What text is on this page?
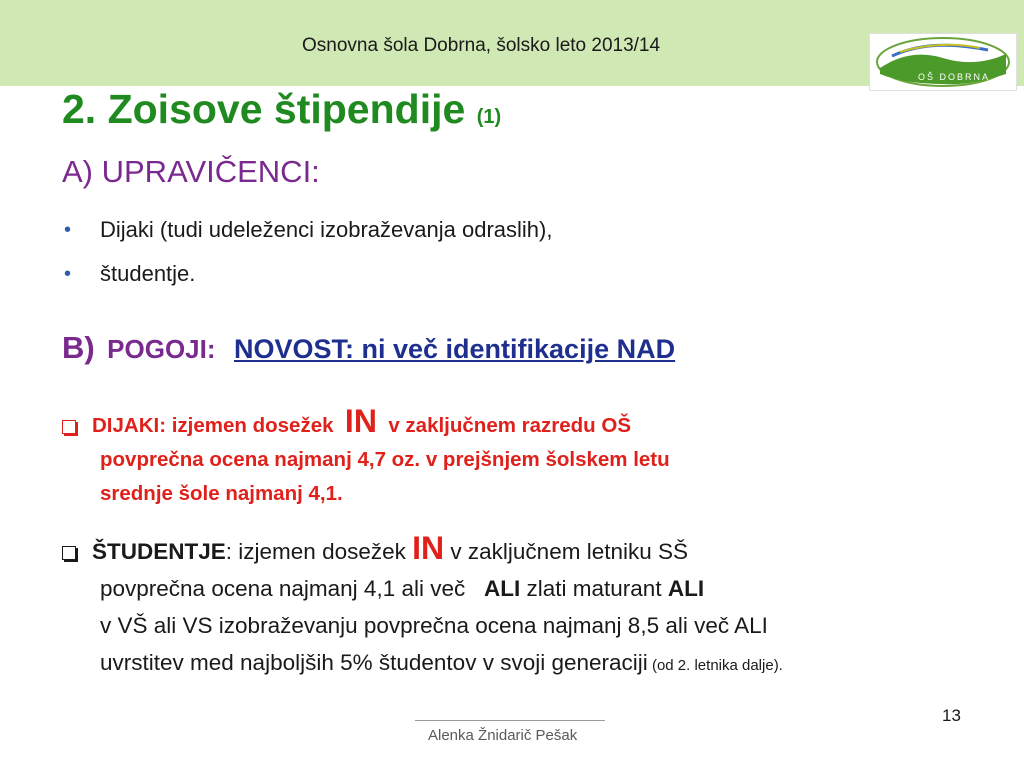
Osnovna šola Dobrna, šolsko leto 2013/14
OŠ DOBRNA
2. Zoisove štipendije (1)
A) UPRAVIČENCI:
•	Dijaki (tudi udeleženci izobraževanja odraslih),
•	študentje.
B) POGOJI: NOVOST: ni več identifikacije NAD
DIJAKI: izjemen dosežek IN v zaključnem razredu OŠ
povprečna ocena najmanj 4,7 oz. v prejšnjem šolskem letu
srednje šole najmanj 4,1.
ŠTUDENTJE: izjemen dosežek IN v zaključnem letniku SŠ
povprečna ocena najmanj 4,1 ali več ALI zlati maturant ALI
v VŠ ali VS izobraževanju povprečna ocena najmanj 8,5 ali več ALI
uvrstitev med najboljših 5% študentov v svoji generaciji (od 2. letnika dalje).
Alenka Žnidarič Pešak
13
